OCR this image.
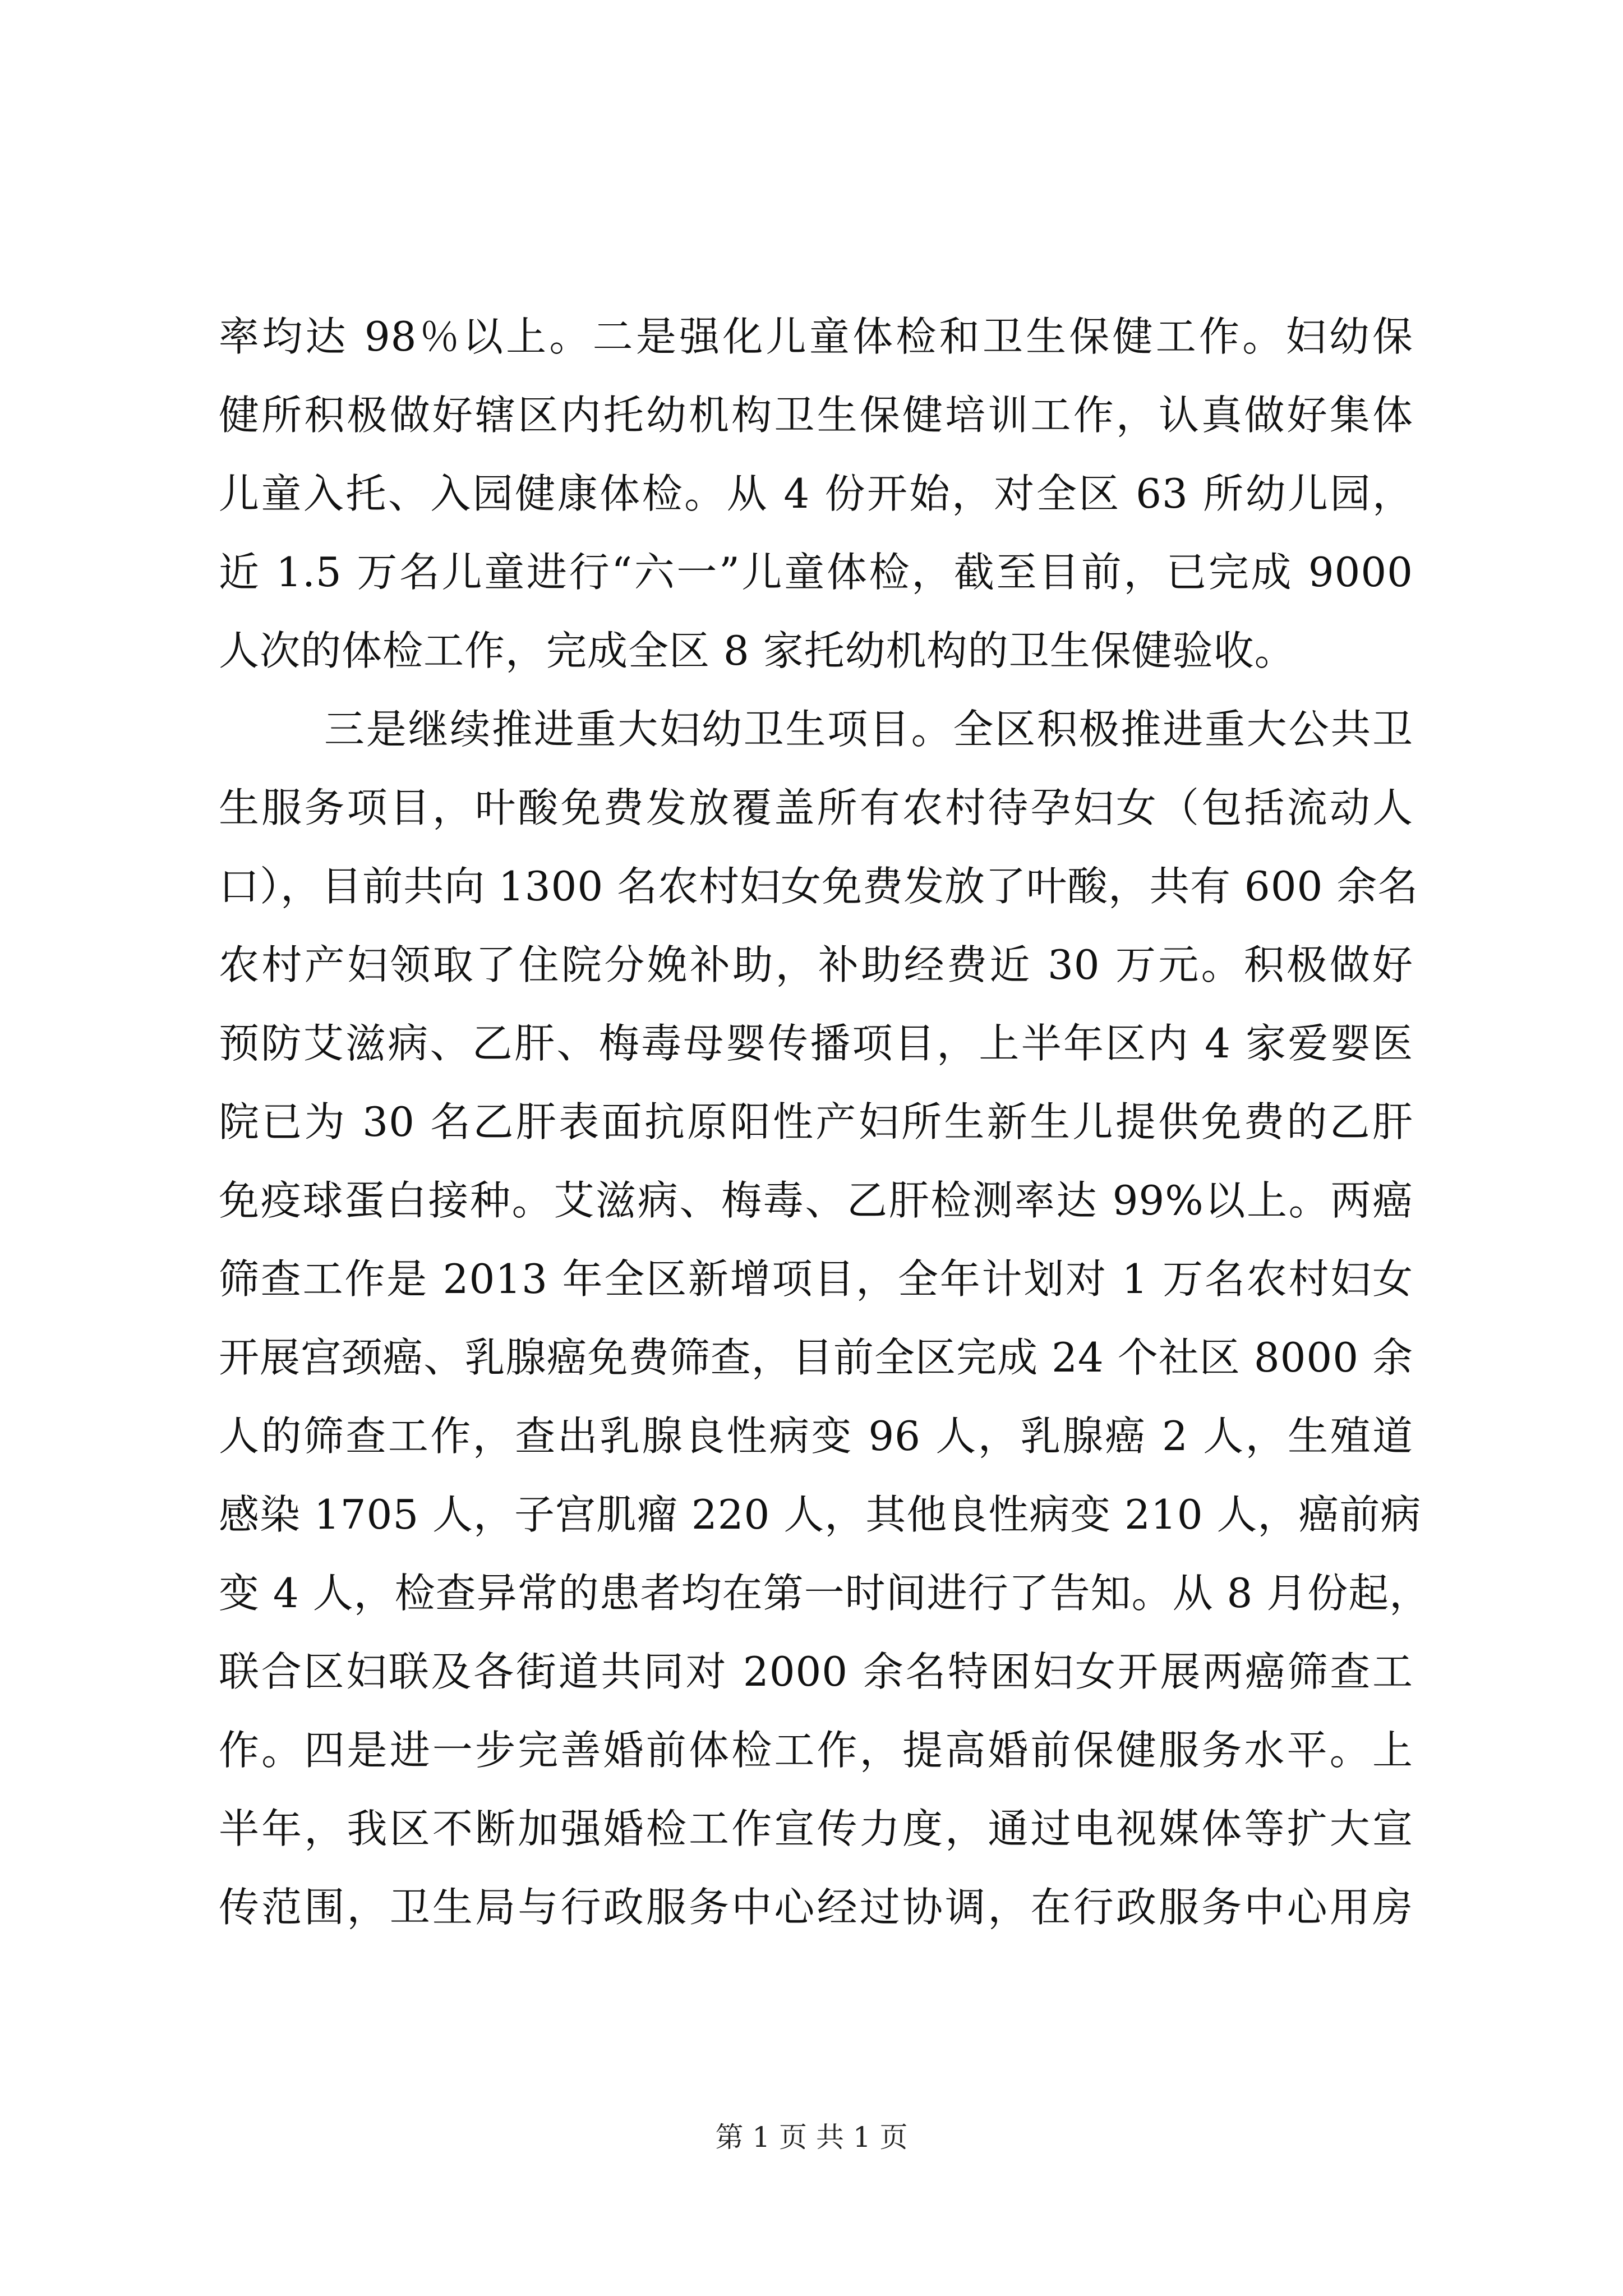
率均达 98％以上。二是强化儿童体检和卫生保健工作。妇幼保
健所积极做好辖区内托幼机构卫生保健培训工作，认真做好集体
儿童入托、入园健康体检。从 4 份开始，对全区 63 所幼儿园，
近 1.5 万名儿童进行“六一”儿童体检，截至目前，已完成 9000
人次的体检工作，完成全区 8 家托幼机构的卫生保健验收。
三是继续推进重大妇幼卫生项目。全区积极推进重大公共卫
生服务项目，叶酸免费发放覆盖所有农村待孕妇女（包括流动人
口），目前共向 1300 名农村妇女免费发放了叶酸，共有 600 余名
农村产妇领取了住院分娩补助，补助经费近 30 万元。积极做好
预防艾滋病、乙肝、梅毒母婴传播项目，上半年区内 4 家爱婴医
院已为 30 名乙肝表面抗原阳性产妇所生新生儿提供免费的乙肝
免疫球蛋白接种。艾滋病、梅毒、乙肝检测率达 99%以上。两癌
筛查工作是 2013 年全区新增项目，全年计划对 1 万名农村妇女
开展宫颈癌、乳腺癌免费筛查，目前全区完成 24 个社区 8000 余
人的筛查工作，查出乳腺良性病变 96 人，乳腺癌 2 人，生殖道
感染 1705 人，子宫肌瘤 220 人，其他良性病变 210 人，癌前病
变 4 人，检查异常的患者均在第一时间进行了告知。从 8 月份起，
联合区妇联及各街道共同对 2000 余名特困妇女开展两癌筛查工
作。四是进一步完善婚前体检工作，提高婚前保健服务水平。上
半年，我区不断加强婚检工作宣传力度，通过电视媒体等扩大宣
传范围，卫生局与行政服务中心经过协调，在行政服务中心用房
第 1 页 共 1 页
